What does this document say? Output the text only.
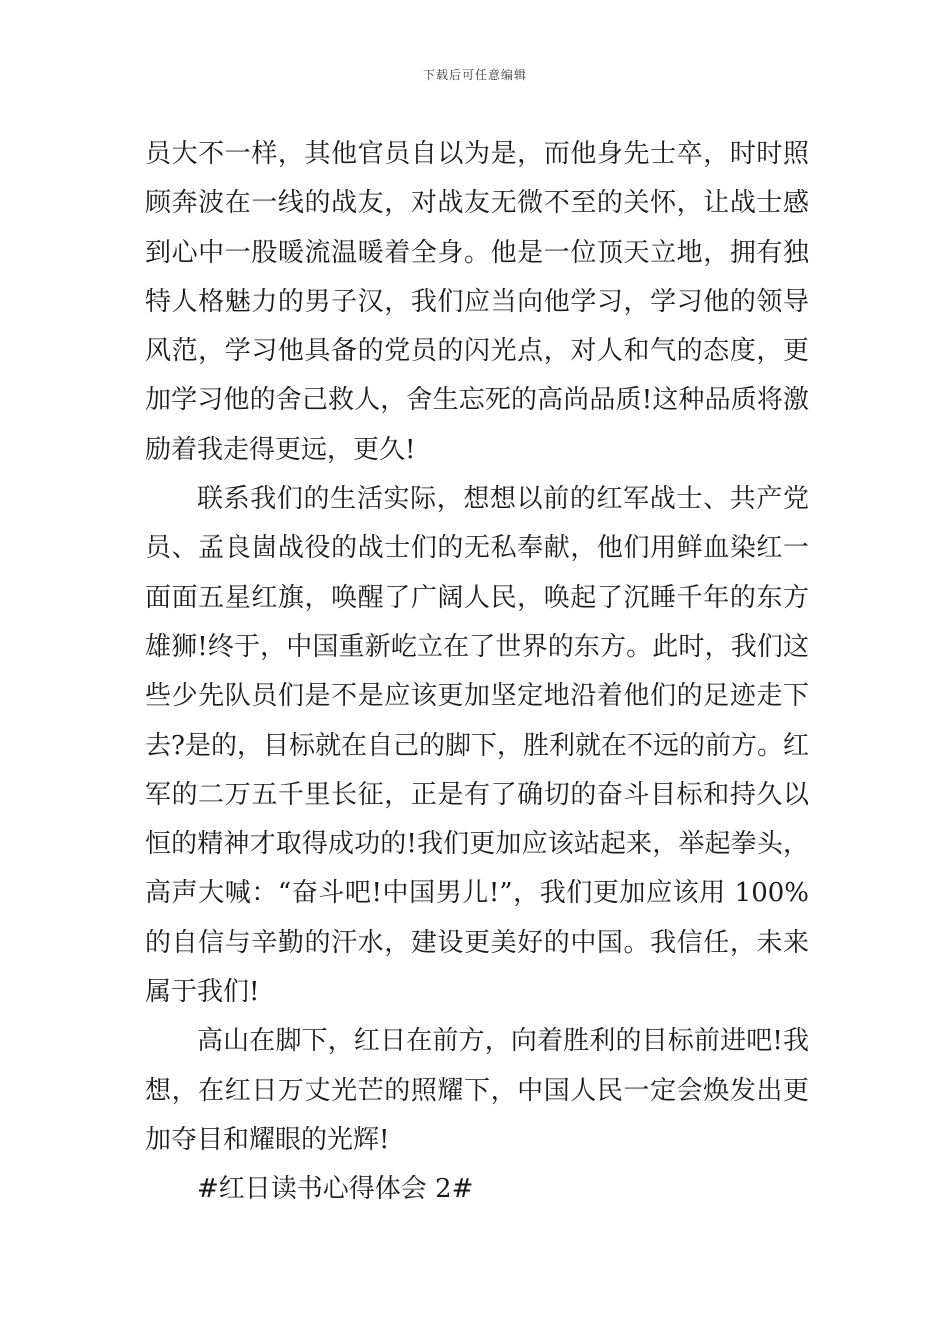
下载后可任意编辑
员大不一样，其他官员自以为是，而他身先士卒，时时照
顾奔波在一线的战友，对战友无微不至的关怀，让战士感
到心中一股暖流温暖着全身。他是一位顶天立地，拥有独
特人格魅力的男子汉，我们应当向他学习，学习他的领导
风范，学习他具备的党员的闪光点，对人和气的态度，更
加学习他的舍己救人，舍生忘死的高尚品质!这种品质将激
励着我走得更远，更久!
联系我们的生活实际，想想以前的红军战士、共产党
员、孟良崮战役的战士们的无私奉献，他们用鲜血染红一
面面五星红旗，唤醒了广阔人民，唤起了沉睡千年的东方
雄狮!终于，中国重新屹立在了世界的东方。此时，我们这
些少先队员们是不是应该更加坚定地沿着他们的足迹走下
去?是的，目标就在自己的脚下，胜利就在不远的前方。红
军的二万五千里长征，正是有了确切的奋斗目标和持久以
恒的精神才取得成功的!我们更加应该站起来，举起拳头，
高声大喊：“奋斗吧!中国男儿!”，我们更加应该用 100%
的自信与辛勤的汗水，建设更美好的中国。我信任，未来
属于我们!
高山在脚下，红日在前方，向着胜利的目标前进吧!我
想，在红日万丈光芒的照耀下，中国人民一定会焕发出更
加夺目和耀眼的光辉!
#红日读书心得体会 2#
